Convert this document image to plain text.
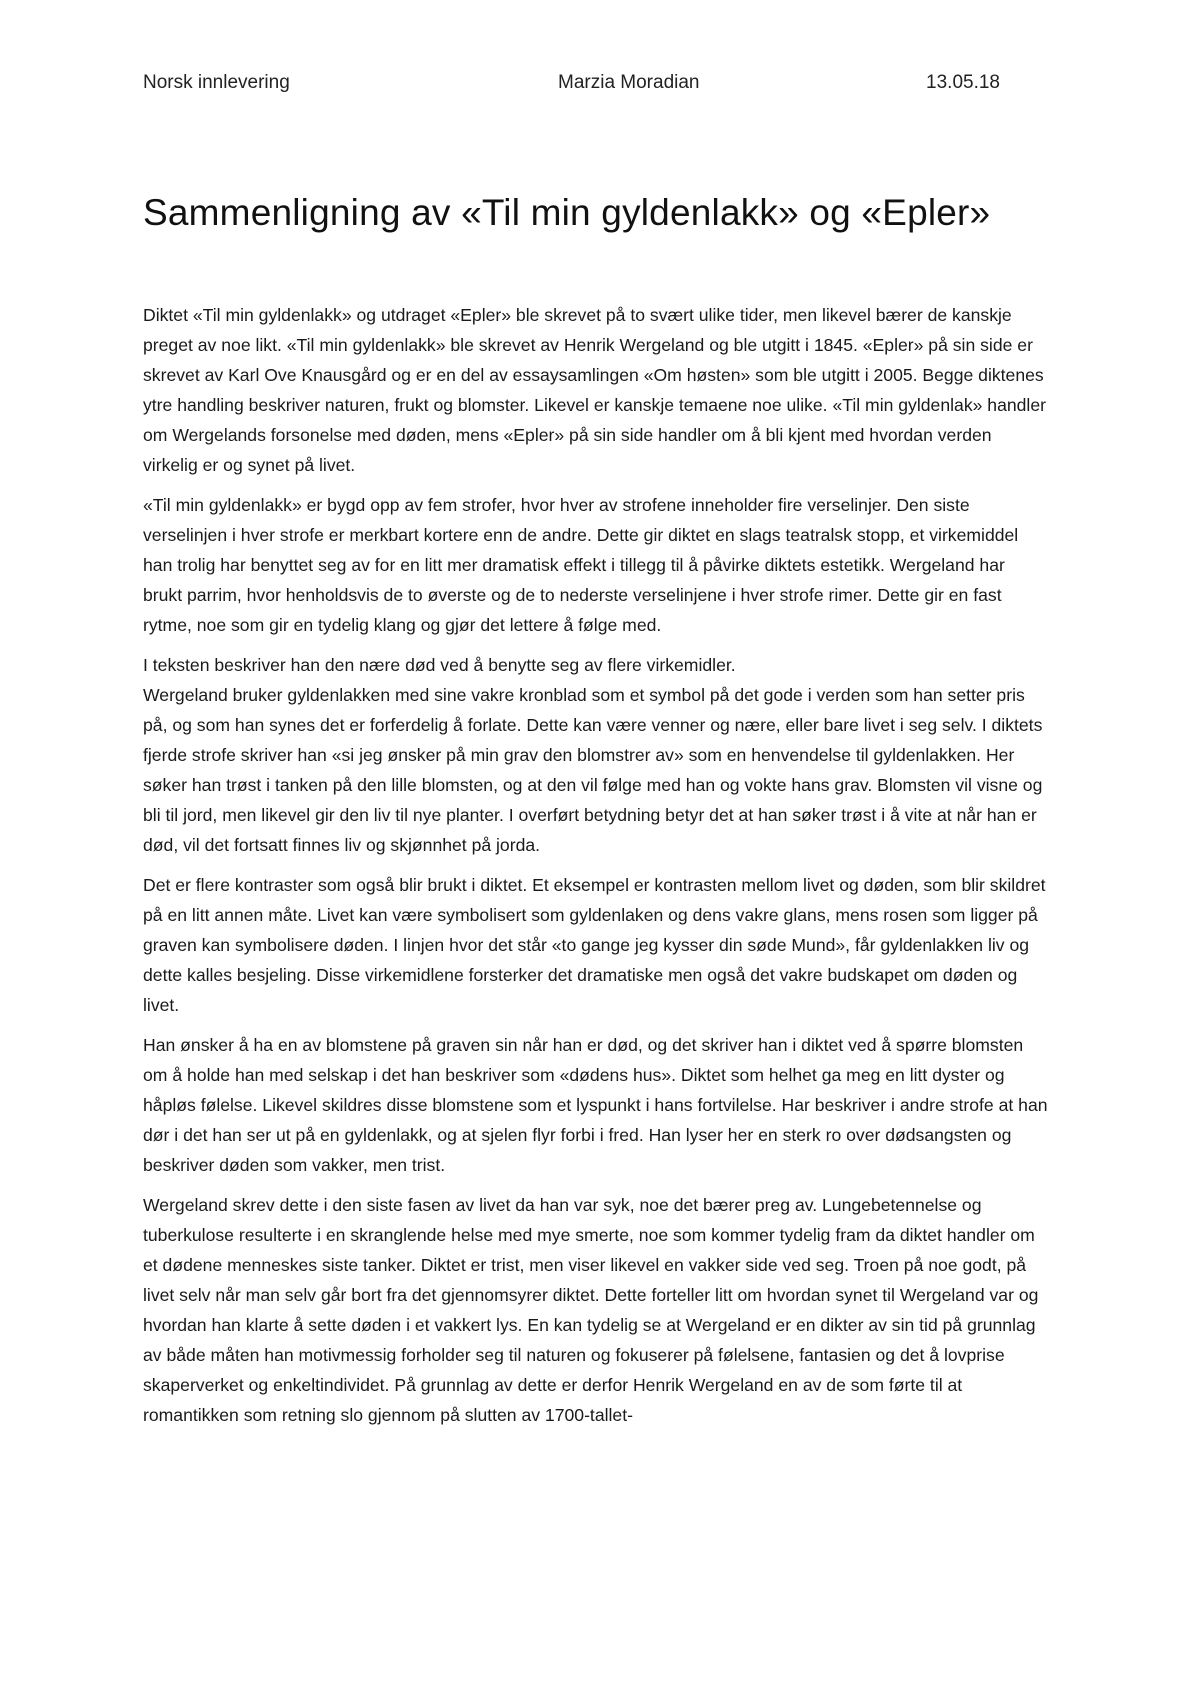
Norsk innlevering	Marzia Moradian	13.05.18
Sammenligning av «Til min gyldenlakk» og «Epler»

Diktet «Til min gyldenlakk» og utdraget «Epler» ble skrevet på to svært ulike tider, men likevel bærer de kanskje preget av noe likt. «Til min gyldenlakk» ble skrevet av Henrik Wergeland og ble utgitt i 1845. «Epler» på sin side er skrevet av Karl Ove Knausgård og er en del av essaysamlingen «Om høsten» som ble utgitt i 2005. Begge diktenes ytre handling beskriver naturen, frukt og blomster. Likevel er kanskje temaene noe ulike. «Til min gyldenlak» handler om Wergelands forsonelse med døden, mens «Epler» på sin side handler om å bli kjent med hvordan verden virkelig er og synet på livet.

«Til min gyldenlakk» er bygd opp av fem strofer, hvor hver av strofene inneholder fire verselinjer. Den siste verselinjen i hver strofe er merkbart kortere enn de andre. Dette gir diktet en slags teatralsk stopp, et virkemiddel han trolig har benyttet seg av for en litt mer dramatisk effekt i tillegg til å påvirke diktets estetikk. Wergeland har brukt parrim, hvor henholdsvis de to øverste og de to nederste verselinjene i hver strofe rimer. Dette gir en fast rytme, noe som gir en tydelig klang og gjør det lettere å følge med.

I teksten beskriver han den nære død ved å benytte seg av flere virkemidler.

Wergeland bruker gyldenlakken med sine vakre kronblad som et symbol på det gode i verden som han setter pris på, og som han synes det er forferdelig å forlate. Dette kan være venner og nære, eller bare livet i seg selv. I diktets fjerde strofe skriver han «si jeg ønsker på min grav den blomstrer av» som en henvendelse til gyldenlakken. Her søker han trøst i tanken på den lille blomsten, og at den vil følge med han og vokte hans grav. Blomsten vil visne og bli til jord, men likevel gir den liv til nye planter. I overført betydning betyr det at han søker trøst i å vite at når han er død, vil det fortsatt finnes liv og skjønnhet på jorda.

Det er flere kontraster som også blir brukt i diktet. Et eksempel er kontrasten mellom livet og døden, som blir skildret på en litt annen måte. Livet kan være symbolisert som gyldenlaken og dens vakre glans, mens rosen som ligger på graven kan symbolisere døden. I linjen hvor det står «to gange jeg kysser din søde Mund», får gyldenlakken liv og dette kalles besjeling. Disse virkemidlene forsterker det dramatiske men også det vakre budskapet om døden og livet.

Han ønsker å ha en av blomstene på graven sin når han er død, og det skriver han i diktet ved å spørre blomsten om å holde han med selskap i det han beskriver som «dødens hus». Diktet som helhet ga meg en litt dyster og håpløs følelse. Likevel skildres disse blomstene som et lyspunkt i hans fortvilelse. Har beskriver i andre strofe at han dør i det han ser ut på en gyldenlakk, og at sjelen flyr forbi i fred. Han lyser her en sterk ro over dødsangsten og beskriver døden som vakker, men trist.

Wergeland skrev dette i den siste fasen av livet da han var syk, noe det bærer preg av. Lungebetennelse og tuberkulose resulterte i en skranglende helse med mye smerte, noe som kommer tydelig fram da diktet handler om et dødene menneskes siste tanker. Diktet er trist, men viser likevel en vakker side ved seg. Troen på noe godt, på livet selv når man selv går bort fra det gjennomsyrer diktet. Dette forteller litt om hvordan synet til Wergeland var og hvordan han klarte å sette døden i et vakkert lys. En kan tydelig se at Wergeland er en dikter av sin tid på grunnlag av både måten han motivmessig forholder seg til naturen og fokuserer på følelsene, fantasien og det å lovprise skaperverket og enkeltindividet. På grunnlag av dette er derfor Henrik Wergeland en av de som førte til at romantikken som retning slo gjennom på slutten av 1700-tallet-
